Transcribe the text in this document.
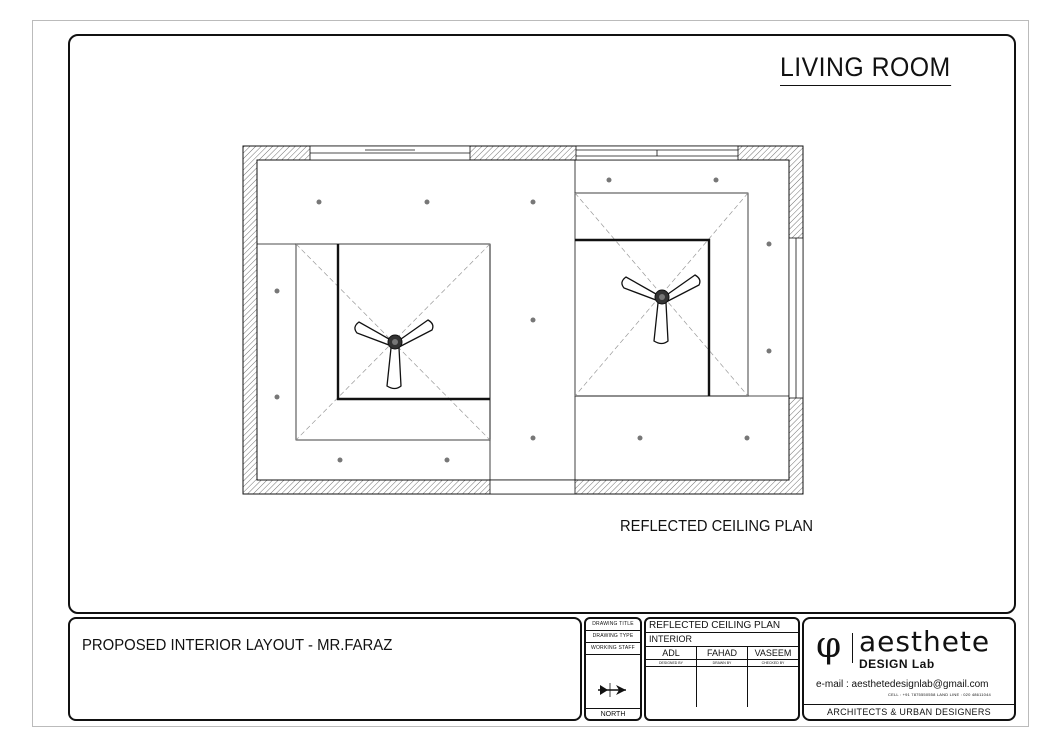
LIVING ROOM
REFLECTED CEILING PLAN
PROPOSED INTERIOR LAYOUT - MR.FARAZ
DRAWING TITLE
DRAWING TYPE
WORKING STAFF
NORTH
REFLECTED CEILING PLAN
INTERIOR
ADL
DESIGNED BY
FAHAD
DRAWN BY
VASEEM
CHECKED BY φ aesthete
DESIGN Lab
e-mail : aesthetedesignlab@gmail.com
CELL : +91 7875550558 LAND LINE : 020 48611044
ARCHITECTS & URBAN DESIGNERS
